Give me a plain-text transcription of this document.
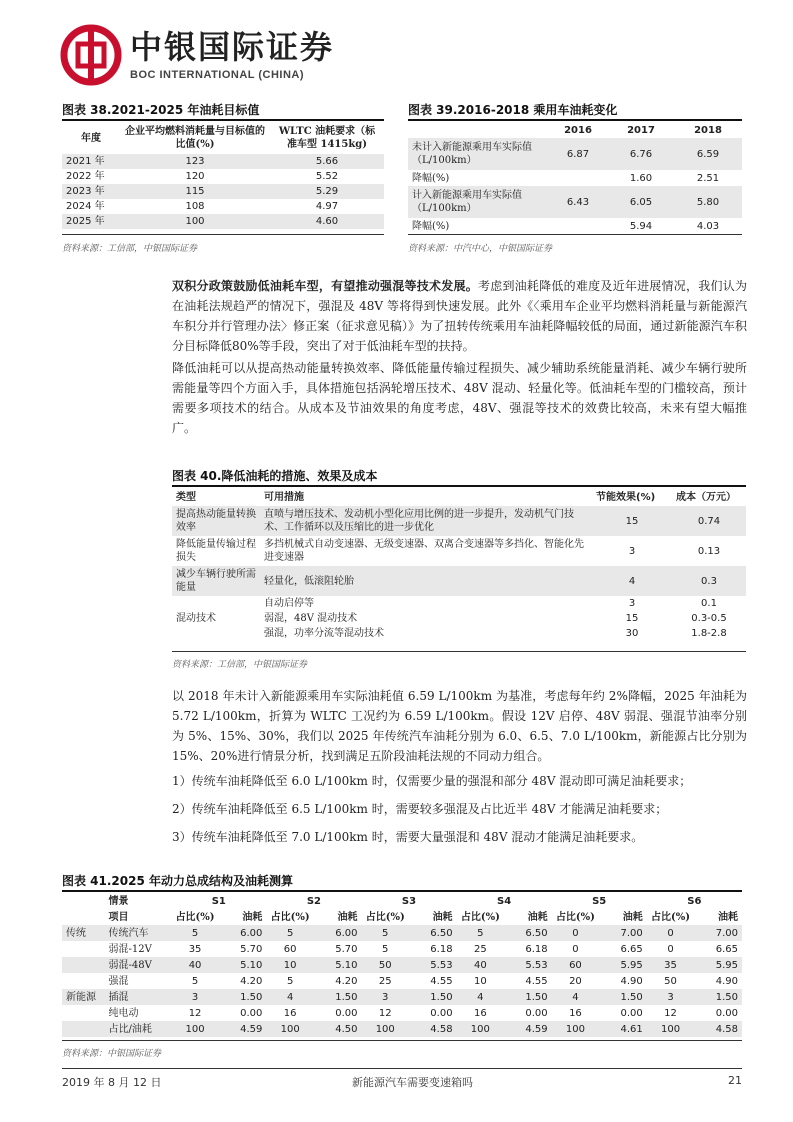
中银国际证券
BOC INTERNATIONAL (CHINA)
图表 38.2021-2025 年油耗目标值
年度	企业平均燃料消耗量与目标值的比值(%)	WLTC 油耗要求（标准车型 1415kg)
2021 年	123	5.66
2022 年	120	5.52
2023 年	115	5.29
2024 年	108	4.97
2025 年	100	4.60
资料来源：工信部，中银国际证券
图表 39.2016-2018 乘用车油耗变化
	2016	2017	2018
未计入新能源乘用车实际值（L/100km）	6.87	6.76	6.59
降幅(%)		1.60	2.51
计入新能源乘用车实际值（L/100km）	6.43	6.05	5.80
降幅(%)		5.94	4.03
资料来源：中汽中心，中银国际证券

双积分政策鼓励低油耗车型，有望推动强混等技术发展。考虑到油耗降低的难度及近年进展情况，我们认为在油耗法规趋严的情况下，强混及 48V 等将得到快速发展。此外《〈乘用车企业平均燃料消耗量与新能源汽车积分并行管理办法〉修正案（征求意见稿）》为了扭转传统乘用车油耗降幅较低的局面，通过新能源汽车积分目标降低80%等手段，突出了对于低油耗车型的扶持。

降低油耗可以从提高热动能量转换效率、降低能量传输过程损失、减少辅助系统能量消耗、减少车辆行驶所需能量等四个方面入手，具体措施包括涡轮增压技术、48V 混动、轻量化等。低油耗车型的门槛较高，预计需要多项技术的结合。从成本及节油效果的角度考虑，48V、强混等技术的效费比较高，未来有望大幅推广。

图表 40.降低油耗的措施、效果及成本
类型	可用措施	节能效果(%)	成本（万元）
提高热动能量转换效率	直喷与增压技术、发动机小型化应用比例的进一步提升，发动机气门技术、工作循环以及压缩比的进一步优化	15	0.74
降低能量传输过程损失	多挡机械式自动变速器、无级变速器、双离合变速器等多挡化、智能化先进变速器	3	0.13
减少车辆行驶所需能量	轻量化，低滚阻轮胎	4	0.3
混动技术	自动启停等	3	0.1
	弱混，48V 混动技术	15	0.3-0.5
	强混，功率分流等混动技术	30	1.8-2.8
资料来源：工信部，中银国际证券

以 2018 年未计入新能源乘用车实际油耗值 6.59 L/100km 为基准，考虑每年约 2%降幅，2025 年油耗为 5.72 L/100km，折算为 WLTC 工况约为 6.59 L/100km。假设 12V 启停、48V 弱混、强混节油率分别为 5%、15%、30%，我们以 2025 年传统汽车油耗分别为 6.0、6.5、7.0 L/100km，新能源占比分别为 15%、20%进行情景分析，找到满足五阶段油耗法规的不同动力组合。

1）传统车油耗降低至 6.0 L/100km 时，仅需要少量的强混和部分 48V 混动即可满足油耗要求；
2）传统车油耗降低至 6.5 L/100km 时，需要较多强混及占比近半 48V 才能满足油耗要求；
3）传统车油耗降低至 7.0 L/100km 时，需要大量强混和 48V 混动才能满足油耗要求。
图表 41.2025 年动力总成结构及油耗测算
	情景	S1		S2		S3		S4		S5		S6	
	项目	占比(%)	油耗	占比(%)	油耗	占比(%)	油耗	占比(%)	油耗	占比(%)	油耗	占比(%)	油耗
传统	传统汽车	5	6.00	5	6.00	5	6.50	5	6.50	0	7.00	0	7.00
	弱混-12V	35	5.70	60	5.70	5	6.18	25	6.18	0	6.65	0	6.65
	弱混-48V	40	5.10	10	5.10	50	5.53	40	5.53	60	5.95	35	5.95
	强混	5	4.20	5	4.20	25	4.55	10	4.55	20	4.90	50	4.90
新能源	插混	3	1.50	4	1.50	3	1.50	4	1.50	4	1.50	3	1.50
	纯电动	12	0.00	16	0.00	12	0.00	16	0.00	16	0.00	12	0.00
	占比/油耗	100	4.59	100	4.50	100	4.58	100	4.59	100	4.61	100	4.58
资料来源：中银国际证券
2019 年 8 月 12 日	新能源汽车需要变速箱吗	21
